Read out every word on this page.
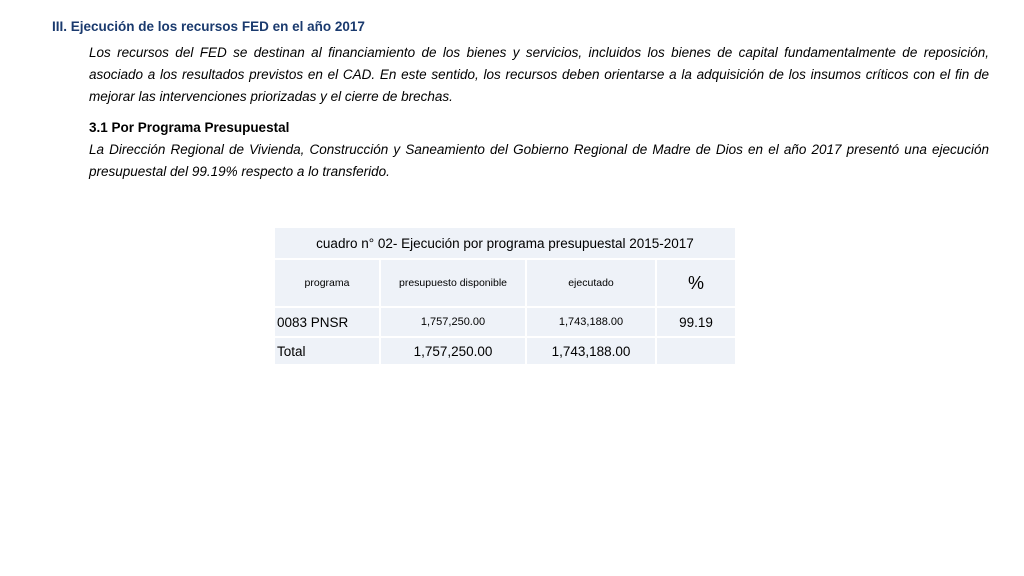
III. Ejecución de los recursos FED en el año 2017
Los recursos del FED se destinan al financiamiento de los bienes y servicios, incluidos los bienes de capital fundamentalmente de reposición, asociado a los resultados previstos en el CAD. En este sentido, los recursos deben orientarse a la adquisición de los insumos críticos con el fin de mejorar las intervenciones priorizadas y el cierre de brechas.
3.1 Por Programa Presupuestal
La Dirección Regional de Vivienda, Construcción y Saneamiento del Gobierno Regional de Madre de Dios en el año 2017 presentó una ejecución presupuestal del 99.19% respecto a lo transferido.
cuadro n° 02- Ejecución por programa presupuestal 2015-2017			
programa	presupuesto disponible	ejecutado	%
0083 PNSR	1,757,250.00	1,743,188.00	99.19
Total	1,757,250.00	1,743,188.00	
